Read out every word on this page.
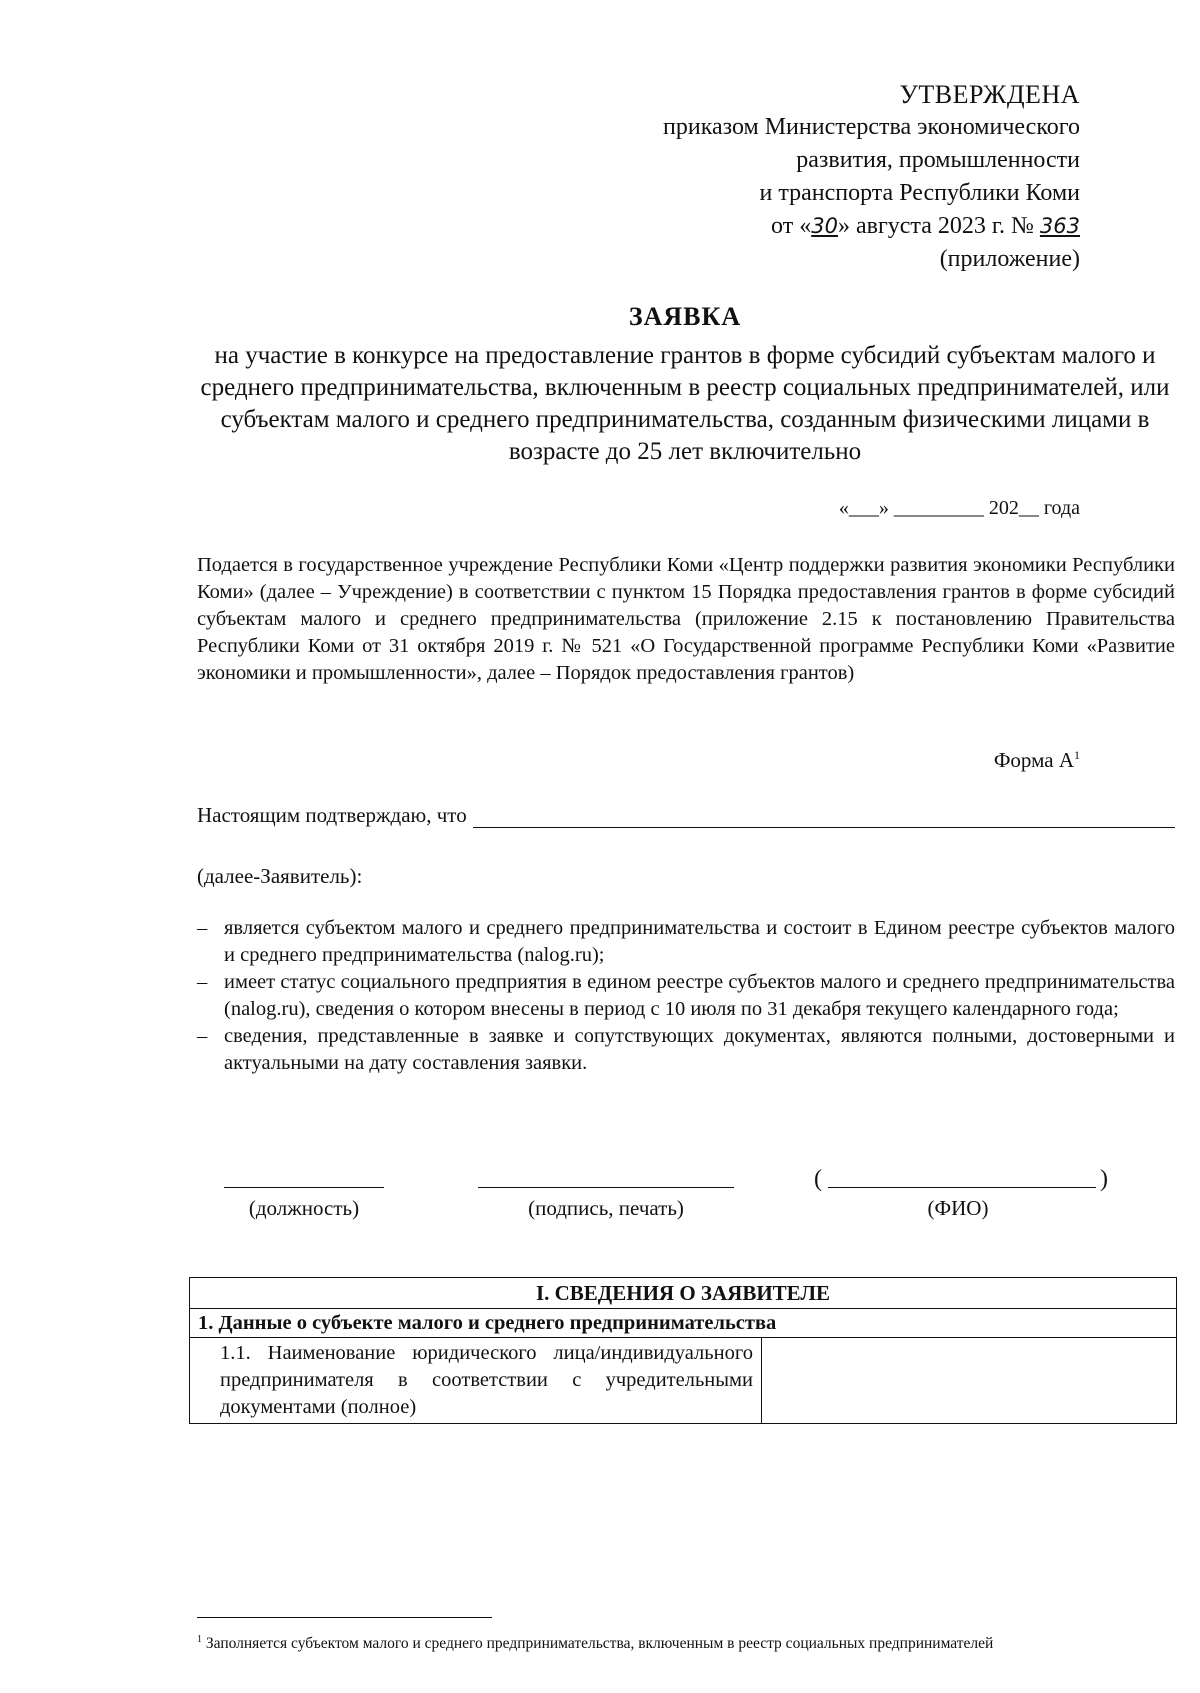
УТВЕРЖДЕНА
приказом Министерства экономического
развития, промышленности
и транспорта Республики Коми
от «30» августа 2023 г. № 363
(приложение)
ЗАЯВКА
на участие в конкурсе на предоставление грантов в форме субсидий субъектам малого и среднего предпринимательства, включенным в реестр социальных предпринимателей, или субъектам малого и среднего предпринимательства, созданным физическими лицами в возрасте до 25 лет включительно
«___» _________ 202__ года
Подается в государственное учреждение Республики Коми «Центр поддержки развития экономики Республики Коми» (далее – Учреждение) в соответствии с пунктом 15 Порядка предоставления грантов в форме субсидий субъектам малого и среднего предпринимательства (приложение 2.15 к постановлению Правительства Республики Коми от 31 октября 2019 г. № 521 «О Государственной программе Республики Коми «Развитие экономики и промышленности», далее – Порядок предоставления грантов)
Форма $А^1$
Настоящим подтверждаю, что
(далее-Заявитель):
– является субъектом малого и среднего предпринимательства и состоит в Едином реестре субъектов малого и среднего предпринимательства (nalog.ru);
– имеет статус социального предприятия в едином реестре субъектов малого и среднего предпринимательства (nalog.ru), сведения о котором внесены в период с 10 июля по 31 декабря текущего календарного года;
– сведения, представленные в заявке и сопутствующих документах, являются полными, достоверными и актуальными на дату составления заявки.
(должность)	(подпись, печать)
(	)
(ФИО)
I. СВЕДЕНИЯ О ЗАЯВИТЕЛЕ
1. Данные о субъекте малого и среднего предпринимательства
1.1. Наименование юридического лица/индивидуального предпринимателя в соответствии с учредительными документами (полное)	
$^1$ Заполняется субъектом малого и среднего предпринимательства, включенным в реестр социальных предпринимателей
